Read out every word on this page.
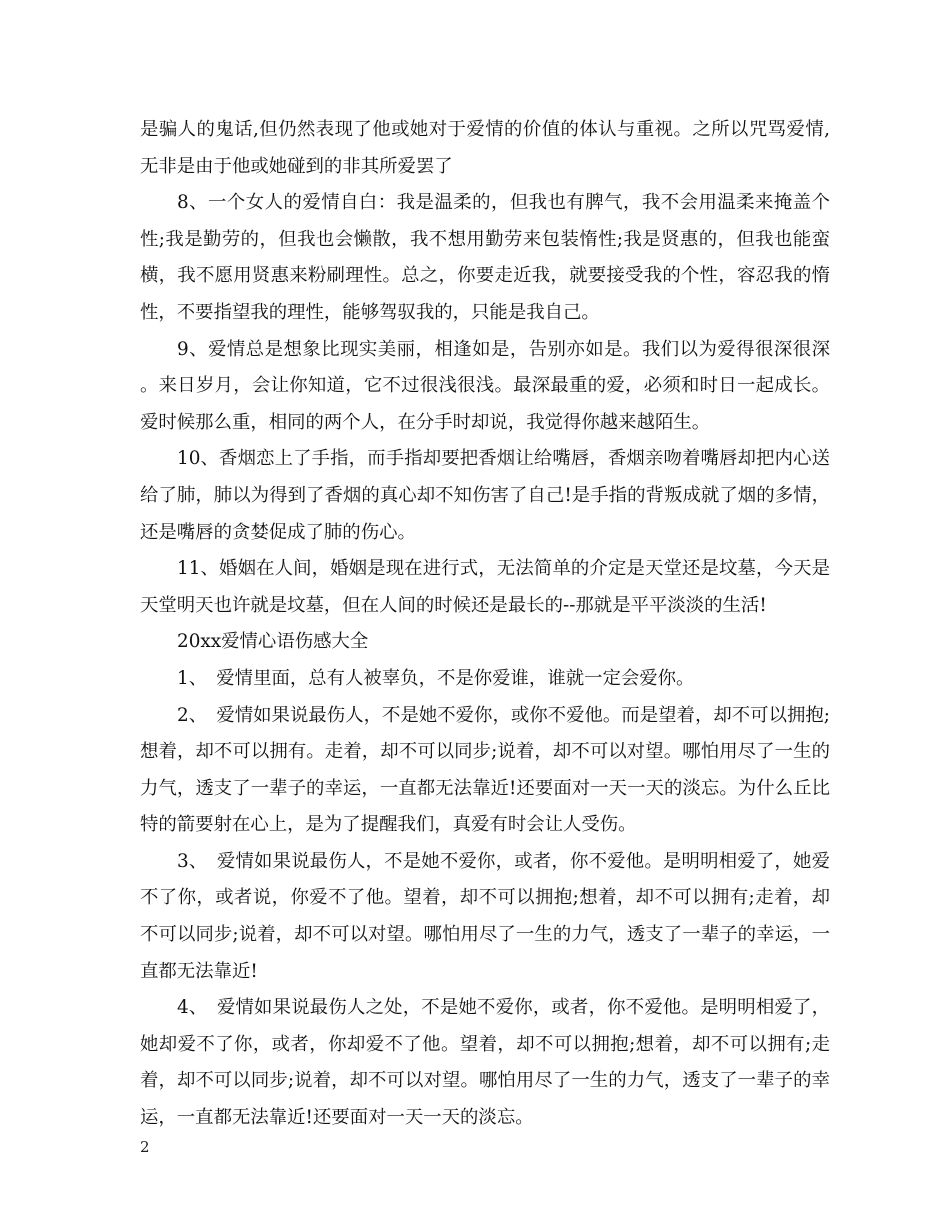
是骗人的鬼话,但仍然表现了他或她对于爱情的价值的体认与重视。之所以咒骂爱情,无非是由于他或她碰到的非其所爱罢了

8、一个女人的爱情自白：我是温柔的，但我也有脾气，我不会用温柔来掩盖个性;我是勤劳的，但我也会懒散，我不想用勤劳来包装惰性;我是贤惠的，但我也能蛮横，我不愿用贤惠来粉刷理性。总之，你要走近我，就要接受我的个性，容忍我的惰性，不要指望我的理性，能够驾驭我的，只能是我自己。

9、爱情总是想象比现实美丽，相逢如是，告别亦如是。我们以为爱得很深很深。来日岁月，会让你知道，它不过很浅很浅。最深最重的爱，必须和时日一起成长。爱时候那么重，相同的两个人，在分手时却说，我觉得你越来越陌生。

10、香烟恋上了手指，而手指却要把香烟让给嘴唇，香烟亲吻着嘴唇却把内心送给了肺，肺以为得到了香烟的真心却不知伤害了自己!是手指的背叛成就了烟的多情，还是嘴唇的贪婪促成了肺的伤心。

11、婚姻在人间，婚姻是现在进行式，无法简单的介定是天堂还是坟墓，今天是天堂明天也许就是坟墓，但在人间的时候还是最长的--那就是平平淡淡的生活!

20xx爱情心语伤感大全

1、　爱情里面，总有人被辜负，不是你爱谁，谁就一定会爱你。

2、　爱情如果说最伤人，不是她不爱你，或你不爱他。而是望着，却不可以拥抱;想着，却不可以拥有。走着，却不可以同步;说着，却不可以对望。哪怕用尽了一生的力气，透支了一辈子的幸运，一直都无法靠近!还要面对一天一天的淡忘。为什么丘比特的箭要射在心上，是为了提醒我们，真爱有时会让人受伤。

3、　爱情如果说最伤人，不是她不爱你，或者，你不爱他。是明明相爱了，她爱不了你，或者说，你爱不了他。望着，却不可以拥抱;想着，却不可以拥有;走着，却不可以同步;说着，却不可以对望。哪怕用尽了一生的力气，透支了一辈子的幸运，一直都无法靠近!

4、　爱情如果说最伤人之处，不是她不爱你，或者，你不爱他。是明明相爱了，她却爱不了你，或者，你却爱不了他。望着，却不可以拥抱;想着，却不可以拥有;走着，却不可以同步;说着，却不可以对望。哪怕用尽了一生的力气，透支了一辈子的幸运，一直都无法靠近!还要面对一天一天的淡忘。

2
